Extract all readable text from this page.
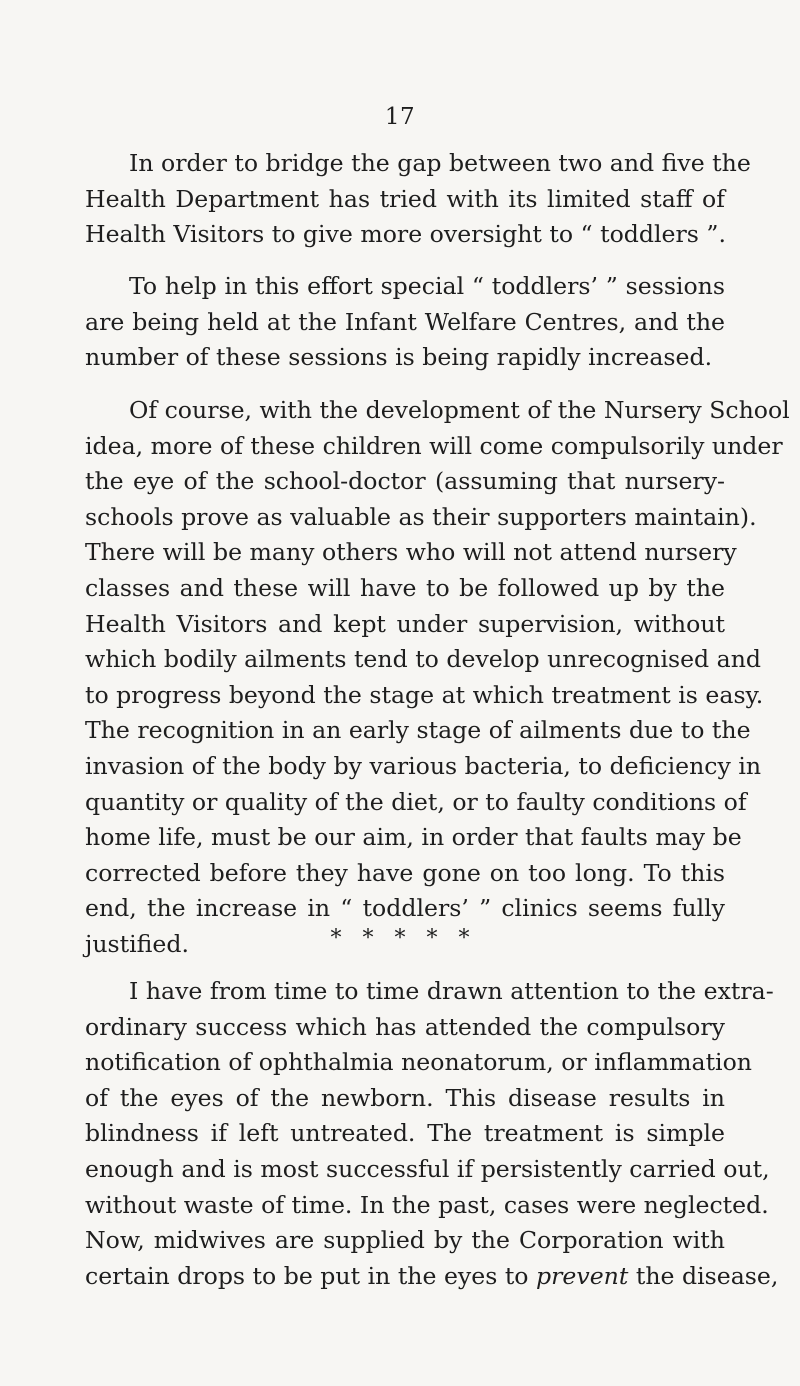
17
In order to bridge the gap between two and five the
Health Department has tried with its limited staff of
Health Visitors to give more oversight to “ toddlers ”.
To help in this effort special “ toddlers’ ” sessions
are being held at the Infant Welfare Centres, and the
number of these sessions is being rapidly increased.
Of course, with the development of the Nursery School
idea, more of these children will come compulsorily under
the eye of the school-doctor (assuming that nursery-
schools prove as valuable as their supporters maintain).
There will be many others who will not attend nursery
classes and these will have to be followed up by the
Health Visitors and kept under supervision, without
which bodily ailments tend to develop unrecognised and
to progress beyond the stage at which treatment is easy.
The recognition in an early stage of ailments due to the
invasion of the body by various bacteria, to deficiency in
quantity or quality of the diet, or to faulty conditions of
home life, must be our aim, in order that faults may be
corrected before they have gone on too long. To this
end, the increase in “ toddlers’ ” clinics seems fully
justified.	*   *   *   *   *
I have from time to time drawn attention to the extra-
ordinary success which has attended the compulsory
notification of ophthalmia neonatorum, or inflammation
of the eyes of the newborn. This disease results in
blindness if left untreated. The treatment is simple
enough and is most successful if persistently carried out,
without waste of time. In the past, cases were neglected.
Now, midwives are supplied by the Corporation with
certain drops to be put in the eyes to prevent the disease,
